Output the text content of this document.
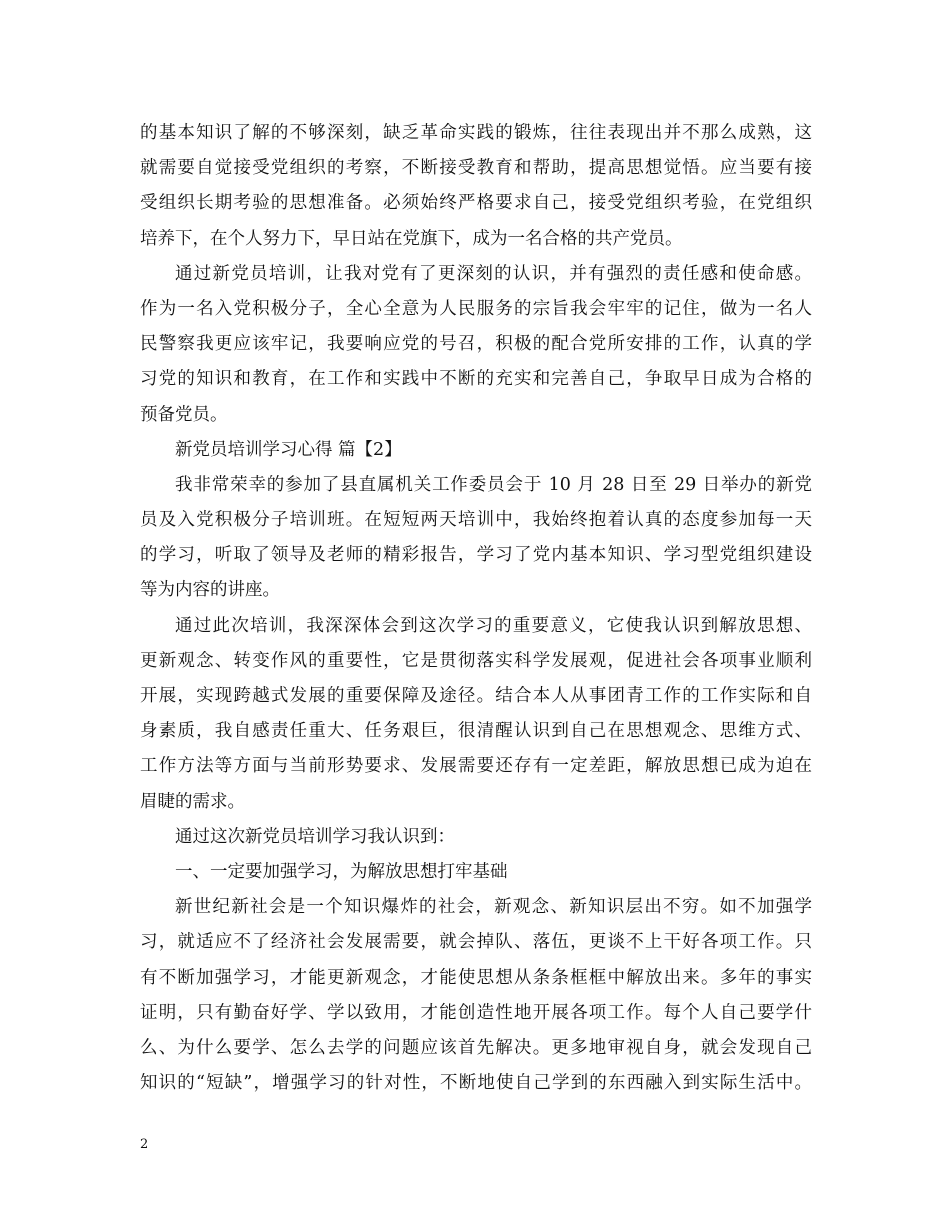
的基本知识了解的不够深刻，缺乏革命实践的锻炼，往往表现出并不那么成熟，这
就需要自觉接受党组织的考察，不断接受教育和帮助，提高思想觉悟。应当要有接
受组织长期考验的思想准备。必须始终严格要求自己，接受党组织考验，在党组织
培养下，在个人努力下，早日站在党旗下，成为一名合格的共产党员。
通过新党员培训，让我对党有了更深刻的认识，并有强烈的责任感和使命感。
作为一名入党积极分子，全心全意为人民服务的宗旨我会牢牢的记住，做为一名人
民警察我更应该牢记，我要响应党的号召，积极的配合党所安排的工作，认真的学
习党的知识和教育，在工作和实践中不断的充实和完善自己，争取早日成为合格的
预备党员。
新党员培训学习心得 篇【2】
我非常荣幸的参加了县直属机关工作委员会于 10 月 28 日至 29 日举办的新党
员及入党积极分子培训班。在短短两天培训中，我始终抱着认真的态度参加每一天
的学习，听取了领导及老师的精彩报告，学习了党内基本知识、学习型党组织建设
等为内容的讲座。
通过此次培训，我深深体会到这次学习的重要意义，它使我认识到解放思想、
更新观念、转变作风的重要性，它是贯彻落实科学发展观，促进社会各项事业顺利
开展，实现跨越式发展的重要保障及途径。结合本人从事团青工作的工作实际和自
身素质，我自感责任重大、任务艰巨，很清醒认识到自己在思想观念、思维方式、
工作方法等方面与当前形势要求、发展需要还存有一定差距，解放思想已成为迫在
眉睫的需求。
通过这次新党员培训学习我认识到：
一、一定要加强学习，为解放思想打牢基础
新世纪新社会是一个知识爆炸的社会，新观念、新知识层出不穷。如不加强学
习，就适应不了经济社会发展需要，就会掉队、落伍，更谈不上干好各项工作。只
有不断加强学习，才能更新观念，才能使思想从条条框框中解放出来。多年的事实
证明，只有勤奋好学、学以致用，才能创造性地开展各项工作。每个人自己要学什
么、为什么要学、怎么去学的问题应该首先解决。更多地审视自身，就会发现自己
知识的“短缺”，增强学习的针对性，不断地使自己学到的东西融入到实际生活中。
2
